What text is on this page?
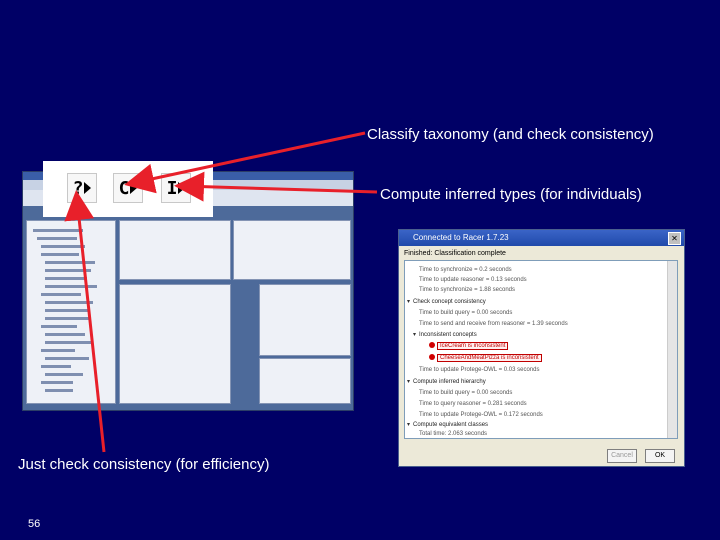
Classify taxonomy (and check consistency)
Compute inferred types (for individuals)
Just check consistency (for efficiency)
56
? C I
Connected to Racer 1.7.23	✕
Finished: Classification complete
Time to synchronize = 0.2 seconds
Time to update reasoner = 0.13 seconds
Time to synchronize = 1.88 seconds
▾ Check concept consistency
Time to build query = 0.00 seconds
Time to send and receive from reasoner = 1.39 seconds
▾ Inconsistent concepts
IceCream is inconsistent
CheeseAndMeatPizza is inconsistent
Time to update Protege-OWL = 0.03 seconds
▾ Compute inferred hierarchy
Time to build query = 0.00 seconds
Time to query reasoner = 0.281 seconds
Time to update Protege-OWL = 0.172 seconds
▾ Compute equivalent classes
Total time: 2.063 seconds
Cancel	OK
